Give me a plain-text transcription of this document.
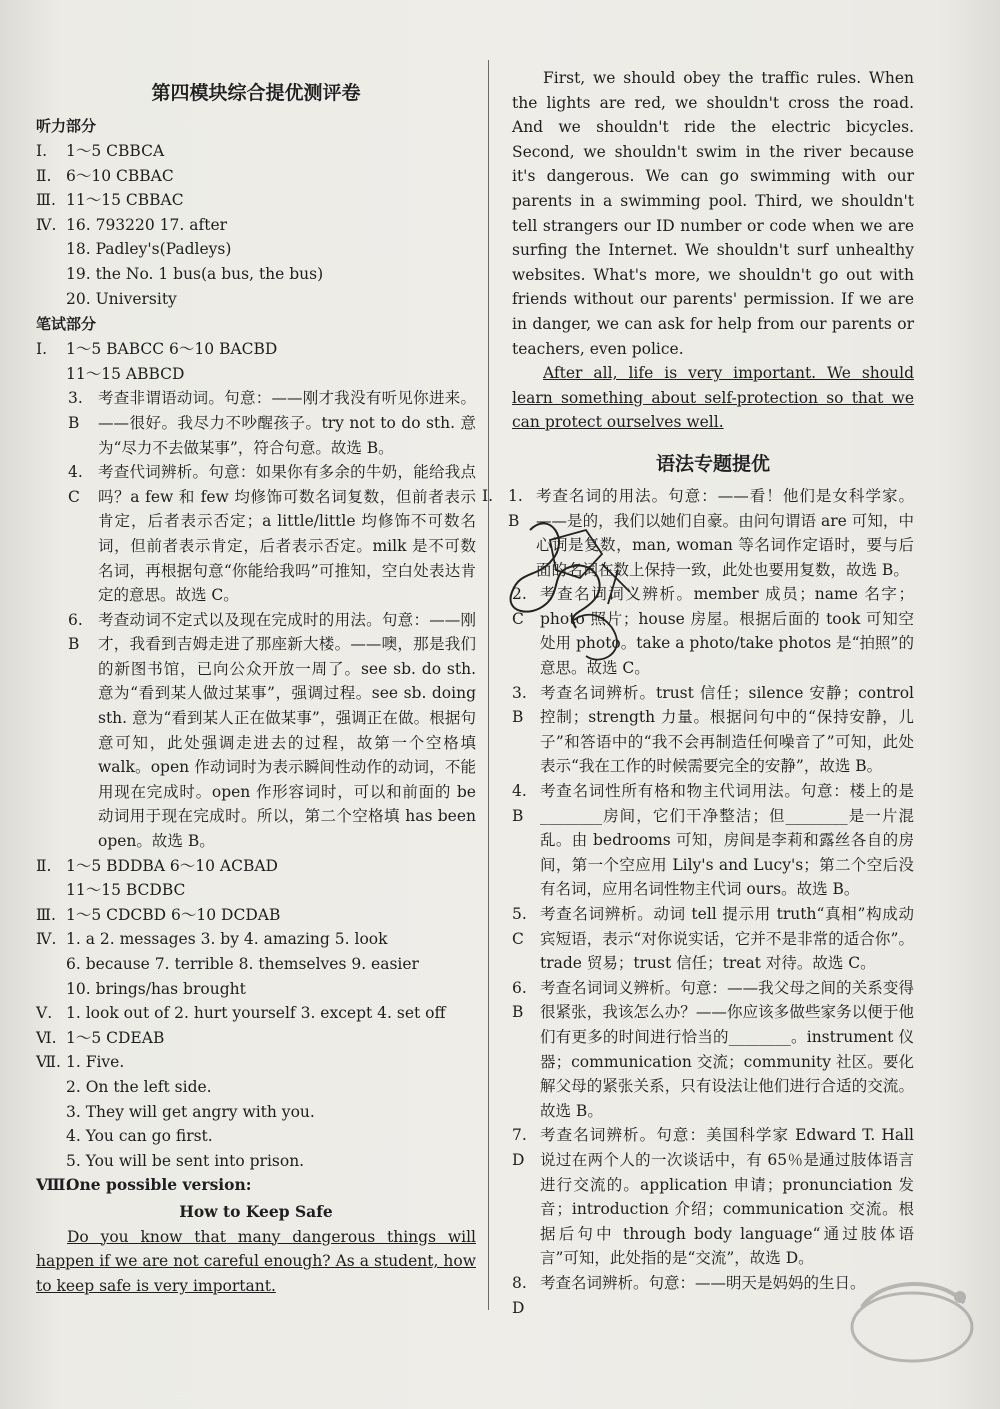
第四模块综合提优测评卷
听力部分
Ⅰ.	1～5 CBBCA
Ⅱ. 6～10 CBBAC
Ⅲ. 11～15 CBBAC
Ⅳ. 16. 793220 17. after
18. Padley's(Padleys)
19. the No. 1 bus(a bus, the bus)
20. University
笔试部分
Ⅰ.	1～5 BABCC 6～10 BACBD
11～15 ABBCD
3. B
考查非谓语动词。句意：——刚才我没有听见你进来。——很好。我尽力不吵醒孩子。try not to do sth. 意为“尽力不去做某事”，符合句意。故选 B。
4. C
考查代词辨析。句意：如果你有多余的牛奶，能给我点吗？a few 和 few 均修饰可数名词复数，但前者表示肯定，后者表示否定；a little/little 均修饰不可数名词，但前者表示肯定，后者表示否定。milk 是不可数名词，再根据句意“你能给我吗”可推知，空白处表达肯定的意思。故选 C。
6. B
考查动词不定式以及现在完成时的用法。句意：——刚才，我看到吉姆走进了那座新大楼。——噢，那是我们的新图书馆，已向公众开放一周了。see sb. do sth. 意为“看到某人做过某事”，强调过程。see sb. doing sth. 意为“看到某人正在做某事”，强调正在做。根据句意可知，此处强调走进去的过程，故第一个空格填 walk。open 作动词时为表示瞬间性动作的动词，不能用现在完成时。open 作形容词时，可以和前面的 be 动词用于现在完成时。所以，第二个空格填 has been open。故选 B。
Ⅱ. 1～5 BDDBA 6～10 ACBAD
11～15 BCDBC
Ⅲ. 1～5 CDCBD 6～10 DCDAB
Ⅳ. 1. a 2. messages 3. by 4. amazing 5. look
6. because 7. terrible 8. themselves 9. easier
10. brings/has brought
Ⅴ. 1. look out of 2. hurt yourself 3. except 4. set off
Ⅵ. 1～5 CDEAB
Ⅶ. 1. Five.
2. On the left side.
3. They will get angry with you.
4. You can go first.
5. You will be sent into prison.
Ⅷ.
One possible version:
How to Keep Safe
Do you know that many dangerous things will happen if we are not careful enough? As a student, how to keep safe is very important.
First, we should obey the traffic rules. When the lights are red, we shouldn't cross the road. And we shouldn't ride the electric bicycles. Second, we shouldn't swim in the river because it's dangerous. We can go swimming with our parents in a swimming pool. Third, we shouldn't tell strangers our ID number or code when we are surfing the Internet. We shouldn't surf unhealthy websites. What's more, we shouldn't go out with friends without our parents' permission. If we are in danger, we can ask for help from our parents or teachers, even police.
After all, life is very important. We should learn something about self-protection so that we can protect ourselves well.
语法专题提优
Ⅰ. 1. B
考查名词的用法。句意：——看！他们是女科学家。——是的，我们以她们自豪。由问句谓语 are 可知，中心词是复数，man, woman 等名词作定语时，要与后面的名词在数上保持一致，此处也要用复数，故选 B。
2. C
考查名词词义辨析。member 成员；name 名字；photo 照片；house 房屋。根据后面的 took 可知空处用 photo。take a photo/take photos 是“拍照”的意思。故选 C。
3. B
考查名词辨析。trust 信任；silence 安静；control 控制；strength 力量。根据问句中的“保持安静，儿子”和答语中的“我不会再制造任何噪音了”可知，此处表示“我在工作的时候需要完全的安静”，故选 B。
4. B
考查名词性所有格和物主代词用法。句意：楼上的是________房间，它们干净整洁；但________是一片混乱。由 bedrooms 可知，房间是李莉和露丝各自的房间，第一个空应用 Lily's and Lucy's；第二个空后没有名词，应用名词性物主代词 ours。故选 B。
5. C
考查名词辨析。动词 tell 提示用 truth“真相”构成动宾短语，表示“对你说实话，它并不是非常的适合你”。trade 贸易；trust 信任；treat 对待。故选 C。
6. B
考查名词词义辨析。句意：——我父母之间的关系变得很紧张，我该怎么办？——你应该多做些家务以便于他们有更多的时间进行恰当的________。instrument 仪器；communication 交流；community 社区。要化解父母的紧张关系，只有设法让他们进行合适的交流。故选 B。
7. D
考查名词辨析。句意：美国科学家 Edward T. Hall 说过在两个人的一次谈话中，有 65％是通过肢体语言进行交流的。application 申请；pronunciation 发音；introduction 介绍；communication 交流。根据后句中 through body language“通过肢体语言”可知，此处指的是“交流”，故选 D。
8. D
考查名词辨析。句意：——明天是妈妈的生日。
